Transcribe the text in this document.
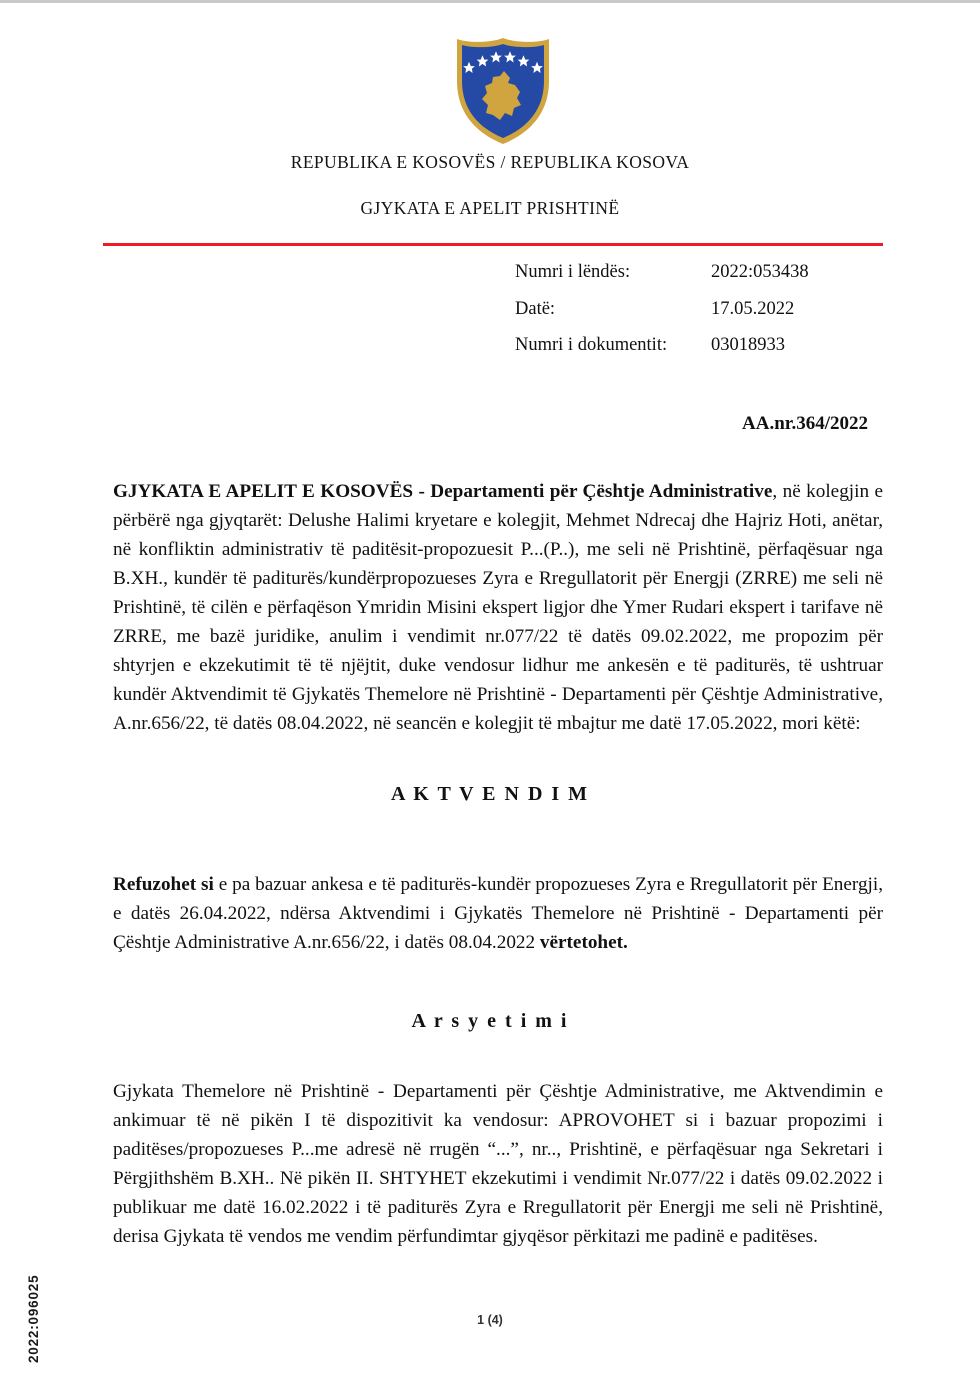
REPUBLIKA E KOSOVËS / REPUBLIKA KOSOVA
GJYKATA E APELIT PRISHTINË
Numri i lëndës:	2022:053438
Datë:	17.05.2022
Numri i dokumentit:	03018933
AA.nr.364/2022

GJYKATA E APELIT E KOSOVËS - Departamenti për Çështje Administrative, në kolegjin e përbërë nga gjyqtarët: Delushe Halimi kryetare e kolegjit, Mehmet Ndrecaj dhe Hajriz Hoti, anëtar, në konfliktin administrativ të paditësit-propozuesit P...(P..), me seli në Prishtinë, përfaqësuar nga B.XH., kundër të paditurës/kundërpropozueses Zyra e Rregullatorit për Energji (ZRRE) me seli në Prishtinë, të cilën e përfaqëson Ymridin Misini ekspert ligjor dhe Ymer Rudari ekspert i tarifave në ZRRE, me bazë juridike, anulim i vendimit nr.077/22 të datës 09.02.2022, me propozim për shtyrjen e ekzekutimit të të njëjtit, duke vendosur lidhur me ankesën e të paditurës, të ushtruar kundër Aktvendimit të Gjykatës Themelore në Prishtinë - Departamenti për Çështje Administrative, A.nr.656/22, të datës 08.04.2022, në seancën e kolegjit të mbajtur me datë 17.05.2022, mori këtë:

A K T V E N D I M

Refuzohet si e pa bazuar ankesa e të paditurës-kundër propozueses Zyra e Rregullatorit për Energji, e datës 26.04.2022, ndërsa Aktvendimi i Gjykatës Themelore në Prishtinë - Departamenti për Çështje Administrative A.nr.656/22, i datës 08.04.2022 vërtetohet.

A r s y e t i m i

Gjykata Themelore në Prishtinë - Departamenti për Çështje Administrative, me Aktvendimin e ankimuar të në pikën I të dispozitivit ka vendosur: APROVOHET si i bazuar propozimi i paditëses/propozueses P...me adresë në rrugën “...”, nr.., Prishtinë, e përfaqësuar nga Sekretari i Përgjithshëm B.XH.. Në pikën II. SHTYHET ekzekutimi i vendimit Nr.077/22 i datës 09.02.2022 i publikuar me datë 16.02.2022 i të paditurës Zyra e Rregullatorit për Energji me seli në Prishtinë, derisa Gjykata të vendos me vendim përfundimtar gjyqësor përkitazi me padinë e paditëses.

1 (4)
2022:096025
